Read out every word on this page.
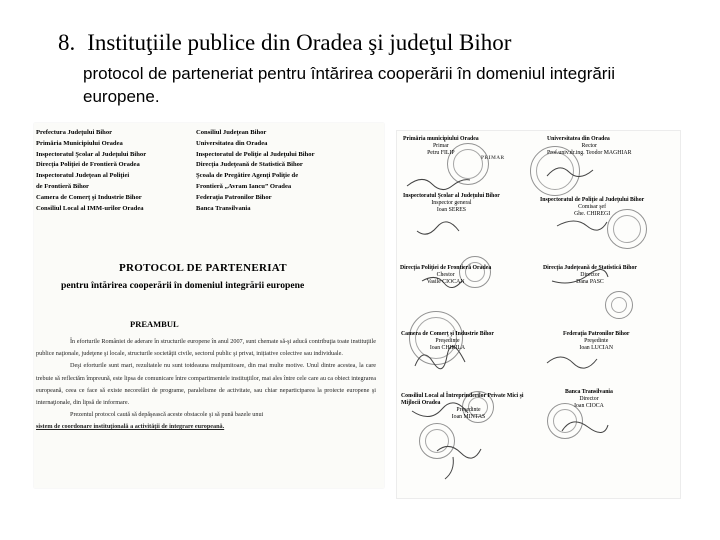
8. Instituţiile publice din Oradea şi judeţul Bihor
protocol de parteneriat pentru întărirea cooperării în domeniul integrării europene.
Prefectura Judeţului Bihor	Consiliul Judeţean Bihor
Primăria Municipiului Oradea	Universitatea din Oradea
Inspectoratul Şcolar al Judeţului Bihor	Inspectoratul de Poliţie al Judeţului Bihor
Direcţia Poliţiei de Frontieră Oradea	Direcţia Judeţeană de Statistică Bihor
Inspectoratul Judeţean al Poliţiei	Şcoala de Pregătire Agenţi Poliţie de
de Frontieră Bihor	Frontieră „Avram Iancu” Oradea
Camera de Comerţ şi Industrie Bihor	Federaţia Patronilor Bihor
Consiliul Local al IMM-urilor Oradea	Banca Transilvania
PROTOCOL DE PARTENERIAT
pentru întărirea cooperării în domeniul integrării europene
PREAMBUL

În eforturile României de aderare în structurile europene în anul 2007, sunt chemate să-şi aducă contribuţia toate instituţiile publice naţionale, judeţene şi locale, structurile societăţii civile, sectorul public şi privat, inițiative colective sau individuale.

Deşi eforturile sunt mari, rezultatele nu sunt totdeauna mulţumitoare, din mai multe motive. Unul dintre acestea, la care trebuie să reflectăm împreună, este lipsa de comunicare între compartimentele instituţiilor, mai ales între cele care au ca obiect integrarea europeană, ceea ce face să existe necorelări de programe, paralelisme de activitate, sau chiar neparticiparea la proiecte europene şi internaţionale, din lipsă de informare.

Prezentul protocol caută să depăşească aceste obstacole şi să pună bazele unui

sistem de coordonare instituţională a activităţii de integrare europeană.

PRIMAR
Primăria municipiului Oradea
Primar
Petru FILIP
Universitatea din Oradea
Rector
Prof.univ.dr.ing. Teodor MAGHIAR
Inspectoratul Şcolar al Judeţului Bihor
Inspector general
Ioan SERES
Inspectoratul de Poliţie al Judeţului Bihor
Comisar şef
Ghe. CHIREGI
Direcţia Poliţiei de Frontieră Oradea
Chestor
Vasile CIOCAN
Direcţia Judeţeană de Statistică Bihor
Director
Dana PASC
Camera de Comerţ şi Industrie Bihor
Preşedinte
Ioan CHIRILA
Federaţia Patronilor Bihor
Preşedinte
Ioan LUCIAN
Consiliul Local al Întreprinderilor Private Mici şi Mijlocii Oradea
Preşedinte
Ioan MINTAS
Banca Transilvania
Director
Ioan CIOCA
